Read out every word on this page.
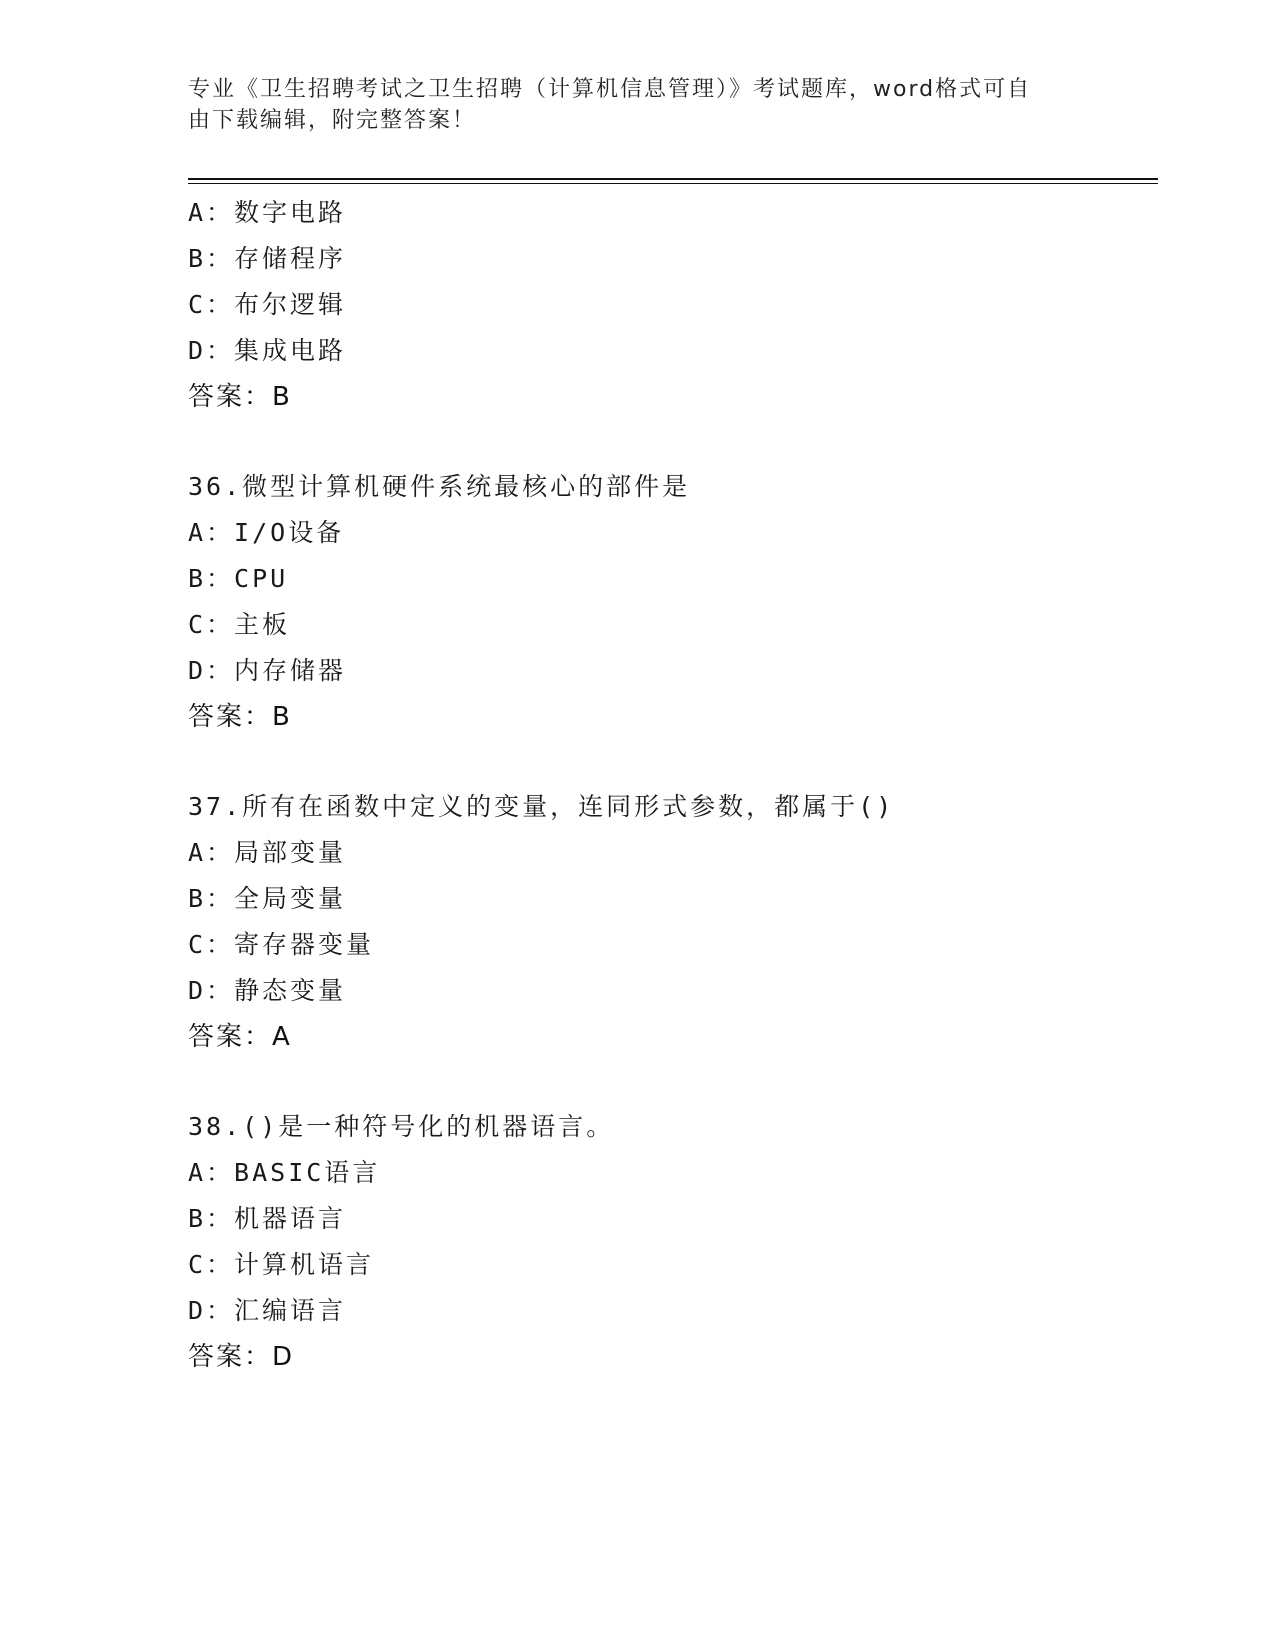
专业《卫生招聘考试之卫生招聘（计算机信息管理）》考试题库，word格式可自
由下载编辑，附完整答案！
A：数字电路
B：存储程序
C：布尔逻辑
D：集成电路
答案：B
36.微型计算机硬件系统最核心的部件是
A：I/O设备
B：CPU
C：主板
D：内存储器
答案：B
37.所有在函数中定义的变量，连同形式参数，都属于()
A：局部变量
B：全局变量
C：寄存器变量
D：静态变量
答案：A
38.()是一种符号化的机器语言。
A：BASIC语言
B：机器语言
C：计算机语言
D：汇编语言
答案：D
